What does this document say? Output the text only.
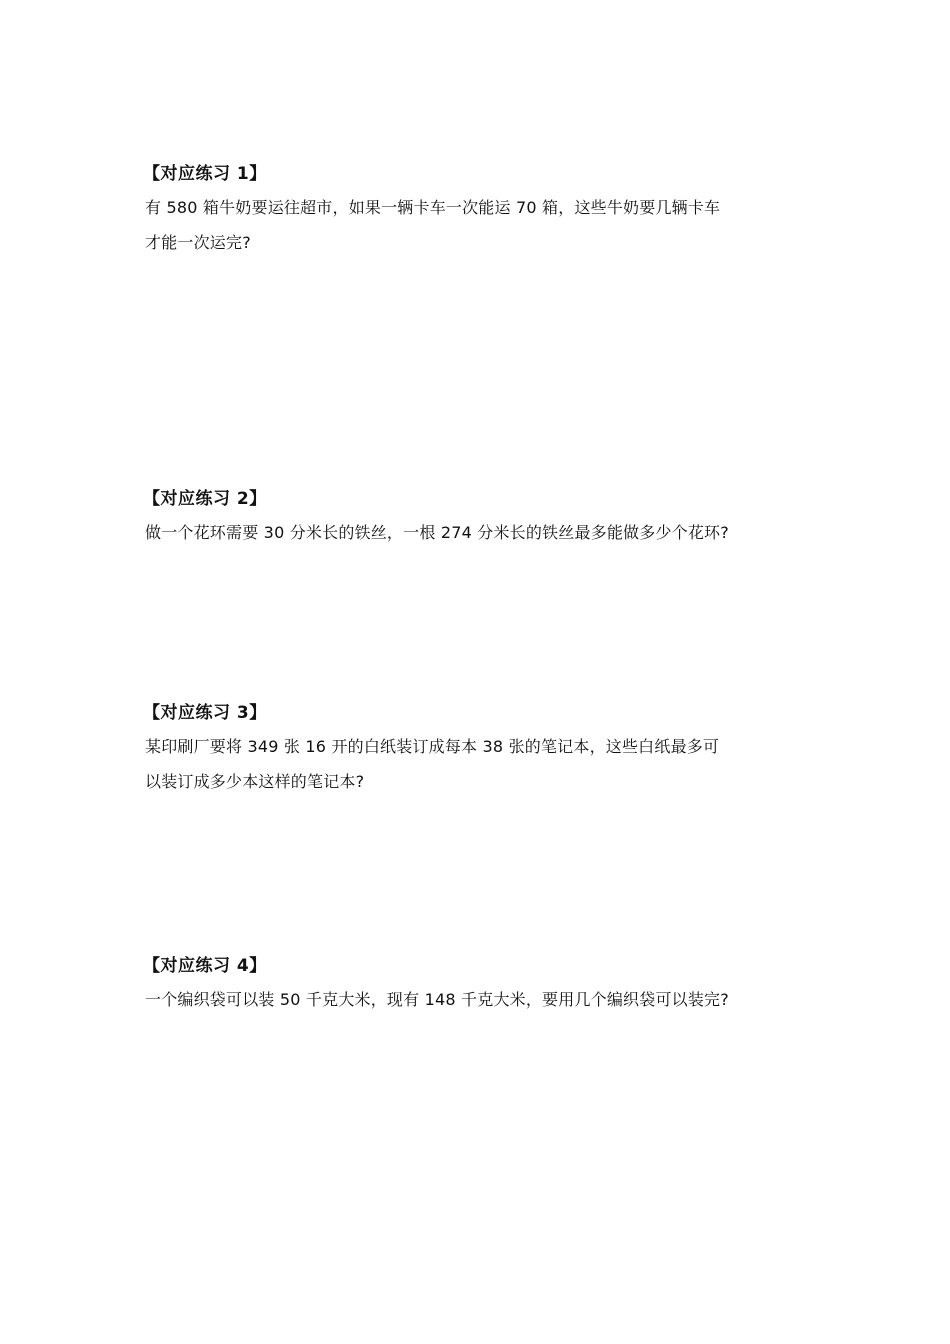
【对应练习 1】

有 580 箱牛奶要运往超市，如果一辆卡车一次能运 70 箱，这些牛奶要几辆卡车

才能一次运完?

【对应练习 2】

做一个花环需要 30 分米长的铁丝，一根 274 分米长的铁丝最多能做多少个花环?

【对应练习 3】

某印刷厂要将 349 张 16 开的白纸装订成每本 38 张的笔记本，这些白纸最多可

以装订成多少本这样的笔记本?

【对应练习 4】

一个编织袋可以装 50 千克大米，现有 148 千克大米，要用几个编织袋可以装完?
